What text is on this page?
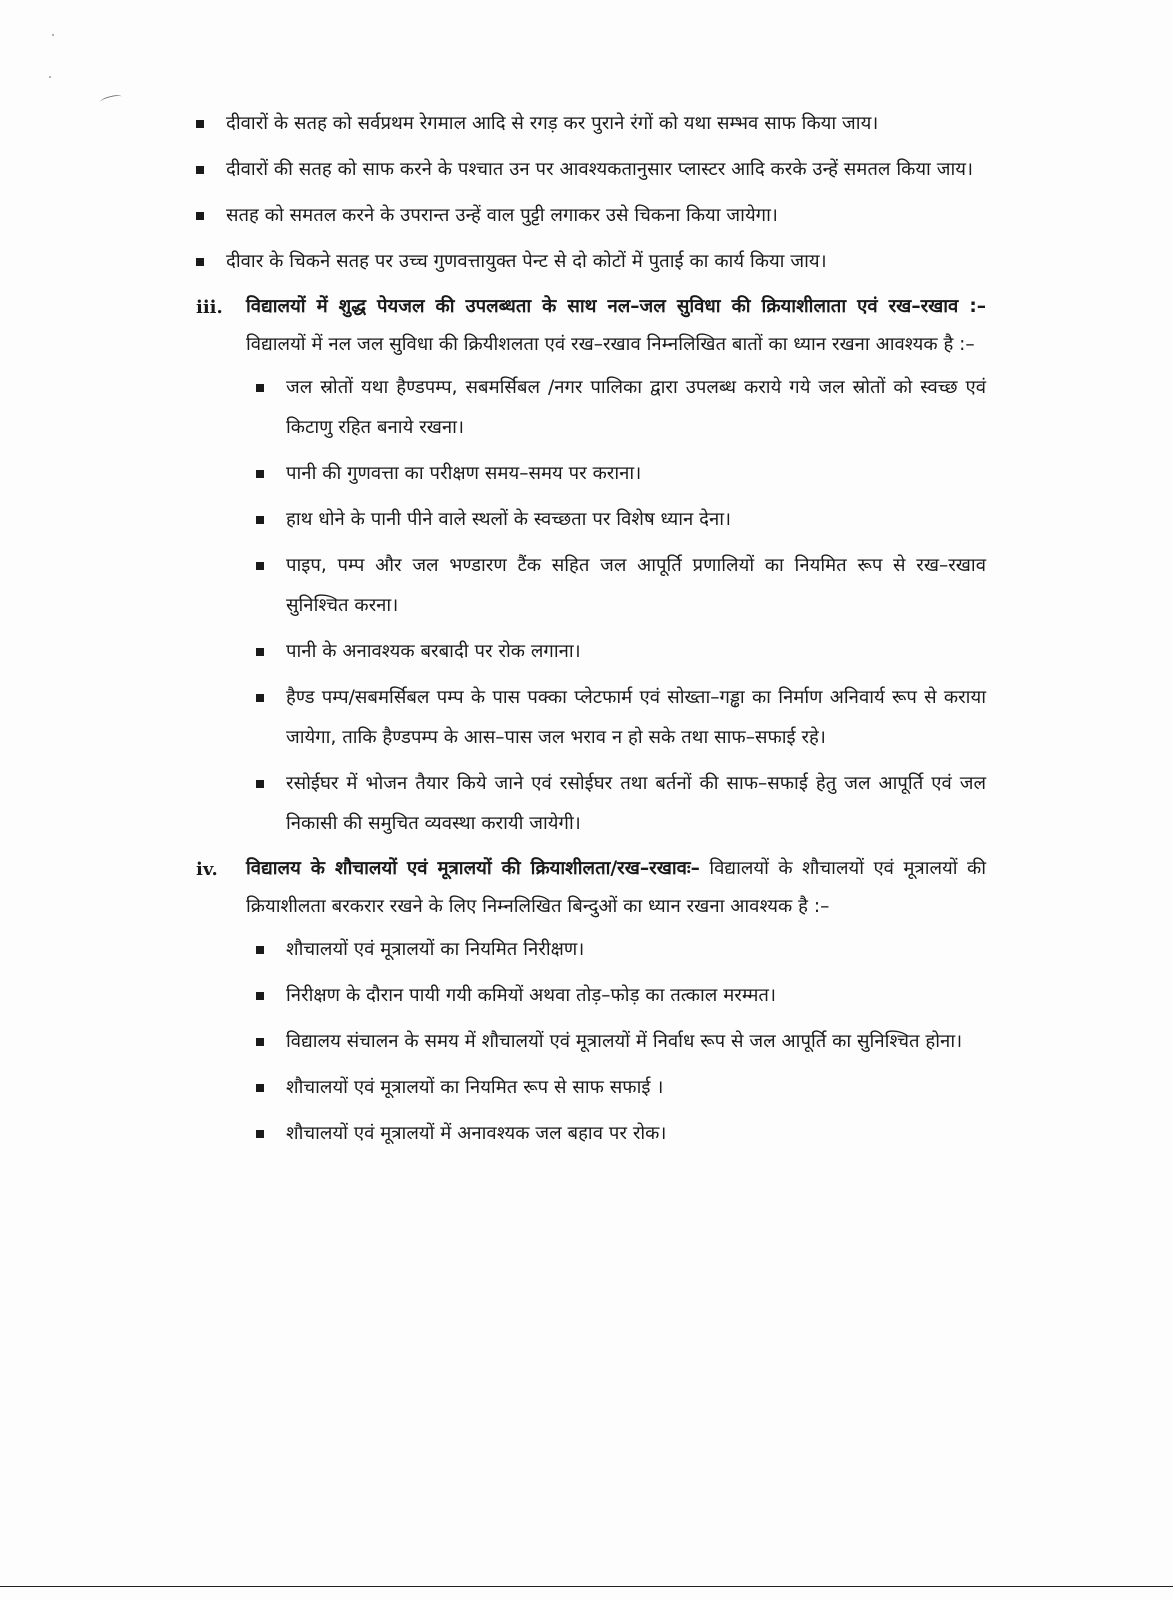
दीवारों के सतह को सर्वप्रथम रेगमाल आदि से रगड़ कर पुराने रंगों को यथा सम्भव साफ किया जाय।
दीवारों की सतह को साफ करने के पश्चात उन पर आवश्यकतानुसार प्लास्टर आदि करके उन्हें समतल किया जाय।
सतह को समतल करने के उपरान्त उन्हें वाल पुट्टी लगाकर उसे चिकना किया जायेगा।
दीवार के चिकने सतह पर उच्च गुणवत्तायुक्त पेन्ट से दो कोटों में पुताई का कार्य किया जाय।
iii. विद्यालयों में शुद्ध पेयजल की उपलब्धता के साथ नल–जल सुविधा की क्रियाशीलाता एवं रख–रखाव :– विद्यालयों में नल जल सुविधा की क्रियीशलता एवं रख–रखाव निम्नलिखित बातों का ध्यान रखना आवश्यक है :–

जल स्रोतों यथा हैण्डपम्प, सबमर्सिबल /नगर पालिका द्वारा उपलब्ध कराये गये जल स्रोतों को स्वच्छ एवं किटाणु रहित बनाये रखना।
पानी की गुणवत्ता का परीक्षण समय–समय पर कराना।
हाथ धोने के पानी पीने वाले स्थलों के स्वच्छता पर विशेष ध्यान देना।
पाइप, पम्प और जल भण्डारण टैंक सहित जल आपूर्ति प्रणालियों का नियमित रूप से रख–रखाव सुनिश्चित करना।
पानी के अनावश्यक बरबादी पर रोक लगाना।
हैण्ड पम्प/सबमर्सिबल पम्प के पास पक्का प्लेटफार्म एवं सोख्ता–गड्ढा का निर्माण अनिवार्य रूप से कराया जायेगा, ताकि हैण्डपम्प के आस–पास जल भराव न हो सके तथा साफ–सफाई रहे।
रसोईघर में भोजन तैयार किये जाने एवं रसोईघर तथा बर्तनों की साफ–सफाई हेतु जल आपूर्ति एवं जल निकासी की समुचित व्यवस्था करायी जायेगी।
iv. विद्यालय के शौचालयों एवं मूत्रालयों की क्रियाशीलता/रख–रखावः– विद्यालयों के शौचालयों एवं मूत्रालयों की क्रियाशीलता बरकरार रखने के लिए निम्नलिखित बिन्दुओं का ध्यान रखना आवश्यक है :–

शौचालयों एवं मूत्रालयों का नियमित निरीक्षण।
निरीक्षण के दौरान पायी गयी कमियों अथवा तोड़–फोड़ का तत्काल मरम्मत।
विद्यालय संचालन के समय में शौचालयों एवं मूत्रालयों में निर्वाध रूप से जल आपूर्ति का सुनिश्चित होना।
शौचालयों एवं मूत्रालयों का नियमित रूप से साफ सफाई ।
शौचालयों एवं मूत्रालयों में अनावश्यक जल बहाव पर रोक।
